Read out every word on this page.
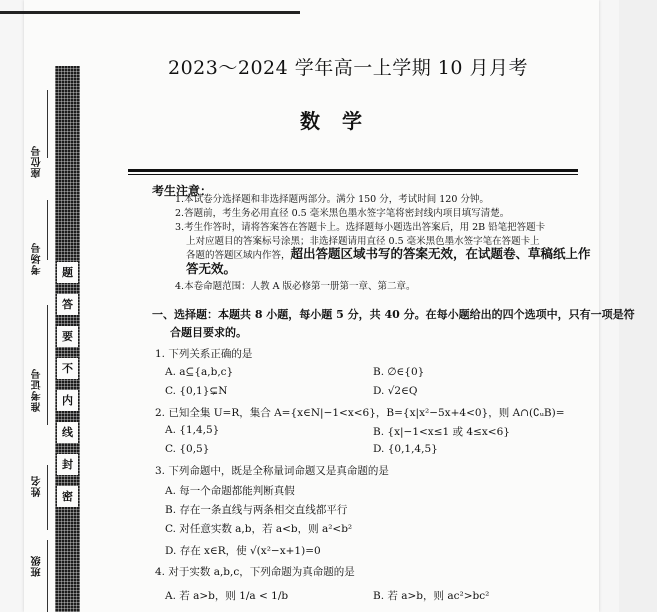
题
答
要
不
内
线
封
密
座位号
考场号
准考证号
姓名
班级
2023～2024 学年高一上学期 10 月月考
数学
考生注意：
1.本试卷分选择题和非选择题两部分。满分 150 分，考试时间 120 分钟。
2.答题前，考生务必用直径 0.5 毫米黑色墨水签字笔将密封线内项目填写清楚。
3.考生作答时，请将答案答在答题卡上。选择题每小题选出答案后，用 2B 铅笔把答题卡
上对应题目的答案标号涂黑；非选择题请用直径 0.5 毫米黑色墨水签字笔在答题卡上
各题的答题区域内作答，超出答题区域书写的答案无效，在试题卷、草稿纸上作
答无效。
4.本卷命题范围：人教 A 版必修第一册第一章、第二章。
一、选择题：本题共 8 小题，每小题 5 分，共 40 分。在每小题给出的四个选项中，只有一项是符
合题目要求的。
1. 下列关系正确的是
A. a⊆{a,b,c}	B. ∅∈{0}
C. {0,1}⊊N	D. √2∈Q
2. 已知全集 U=R，集合 A={x∈N|−1<x<6}，B={x|x²−5x+4<0}，则 A∩(∁ᵤB)=
A. {1,4,5}	B. {x|−1<x≤1 或 4≤x<6}
C. {0,5}	D. {0,1,4,5}
3. 下列命题中，既是全称量词命题又是真命题的是
A. 每一个命题都能判断真假
B. 存在一条直线与两条相交直线都平行
C. 对任意实数 a,b，若 a<b，则 a²<b²
D. 存在 x∈R，使 √(x²−x+1)=0
4. 对于实数 a,b,c，下列命题为真命题的是
A. 若 a>b，则 1/a < 1/b	B. 若 a>b，则 ac²>bc²
